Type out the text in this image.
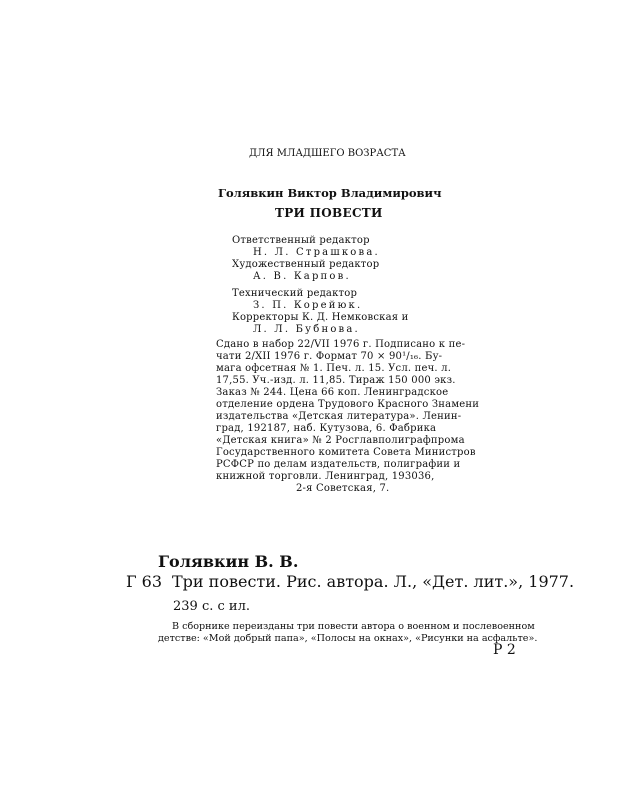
ДЛЯ МЛАДШЕГО ВОЗРАСТА
Голявкин Виктор Владимирович
ТРИ ПОВЕСТИ
Ответственный редактор
Н. Л. Страшкова.
Художественный редактор
А. В. Карпов.
Технический редактор
З. П. Корейюк.
Корректоры К. Д. Немковская и
Л. Л. Бубнова.

Сдано в набор 22/VII 1976 г. Подписано к пе-

чати 2/XII 1976 г. Формат 70 × 90¹/₁₆. Бу-

мага офсетная № 1. Печ. л. 15. Усл. печ. л.

17,55. Уч.-изд. л. 11,85. Тираж 150 000 экз.

Заказ № 244. Цена 66 коп. Ленинградское

отделение ордена Трудового Красного Знамени

издательства «Детская литература». Ленин-

град, 192187, наб. Кутузова, 6. Фабрика

«Детская книга» № 2 Росглавполиграфпрома

Государственного комитета Совета Министров

РСФСР по делам издательств, полиграфии и

книжной торговли. Ленинград, 193036,

2-я Советская, 7.

Голявкин В. В.
Г 63 Три повести. Рис. автора. Л., «Дет. лит.», 1977.
239 с. с ил.

В сборнике переизданы три повести автора о военном и послевоенном

детстве: «Мой добрый папа», «Полосы на окнах», «Рисунки на асфальте».

Р 2
